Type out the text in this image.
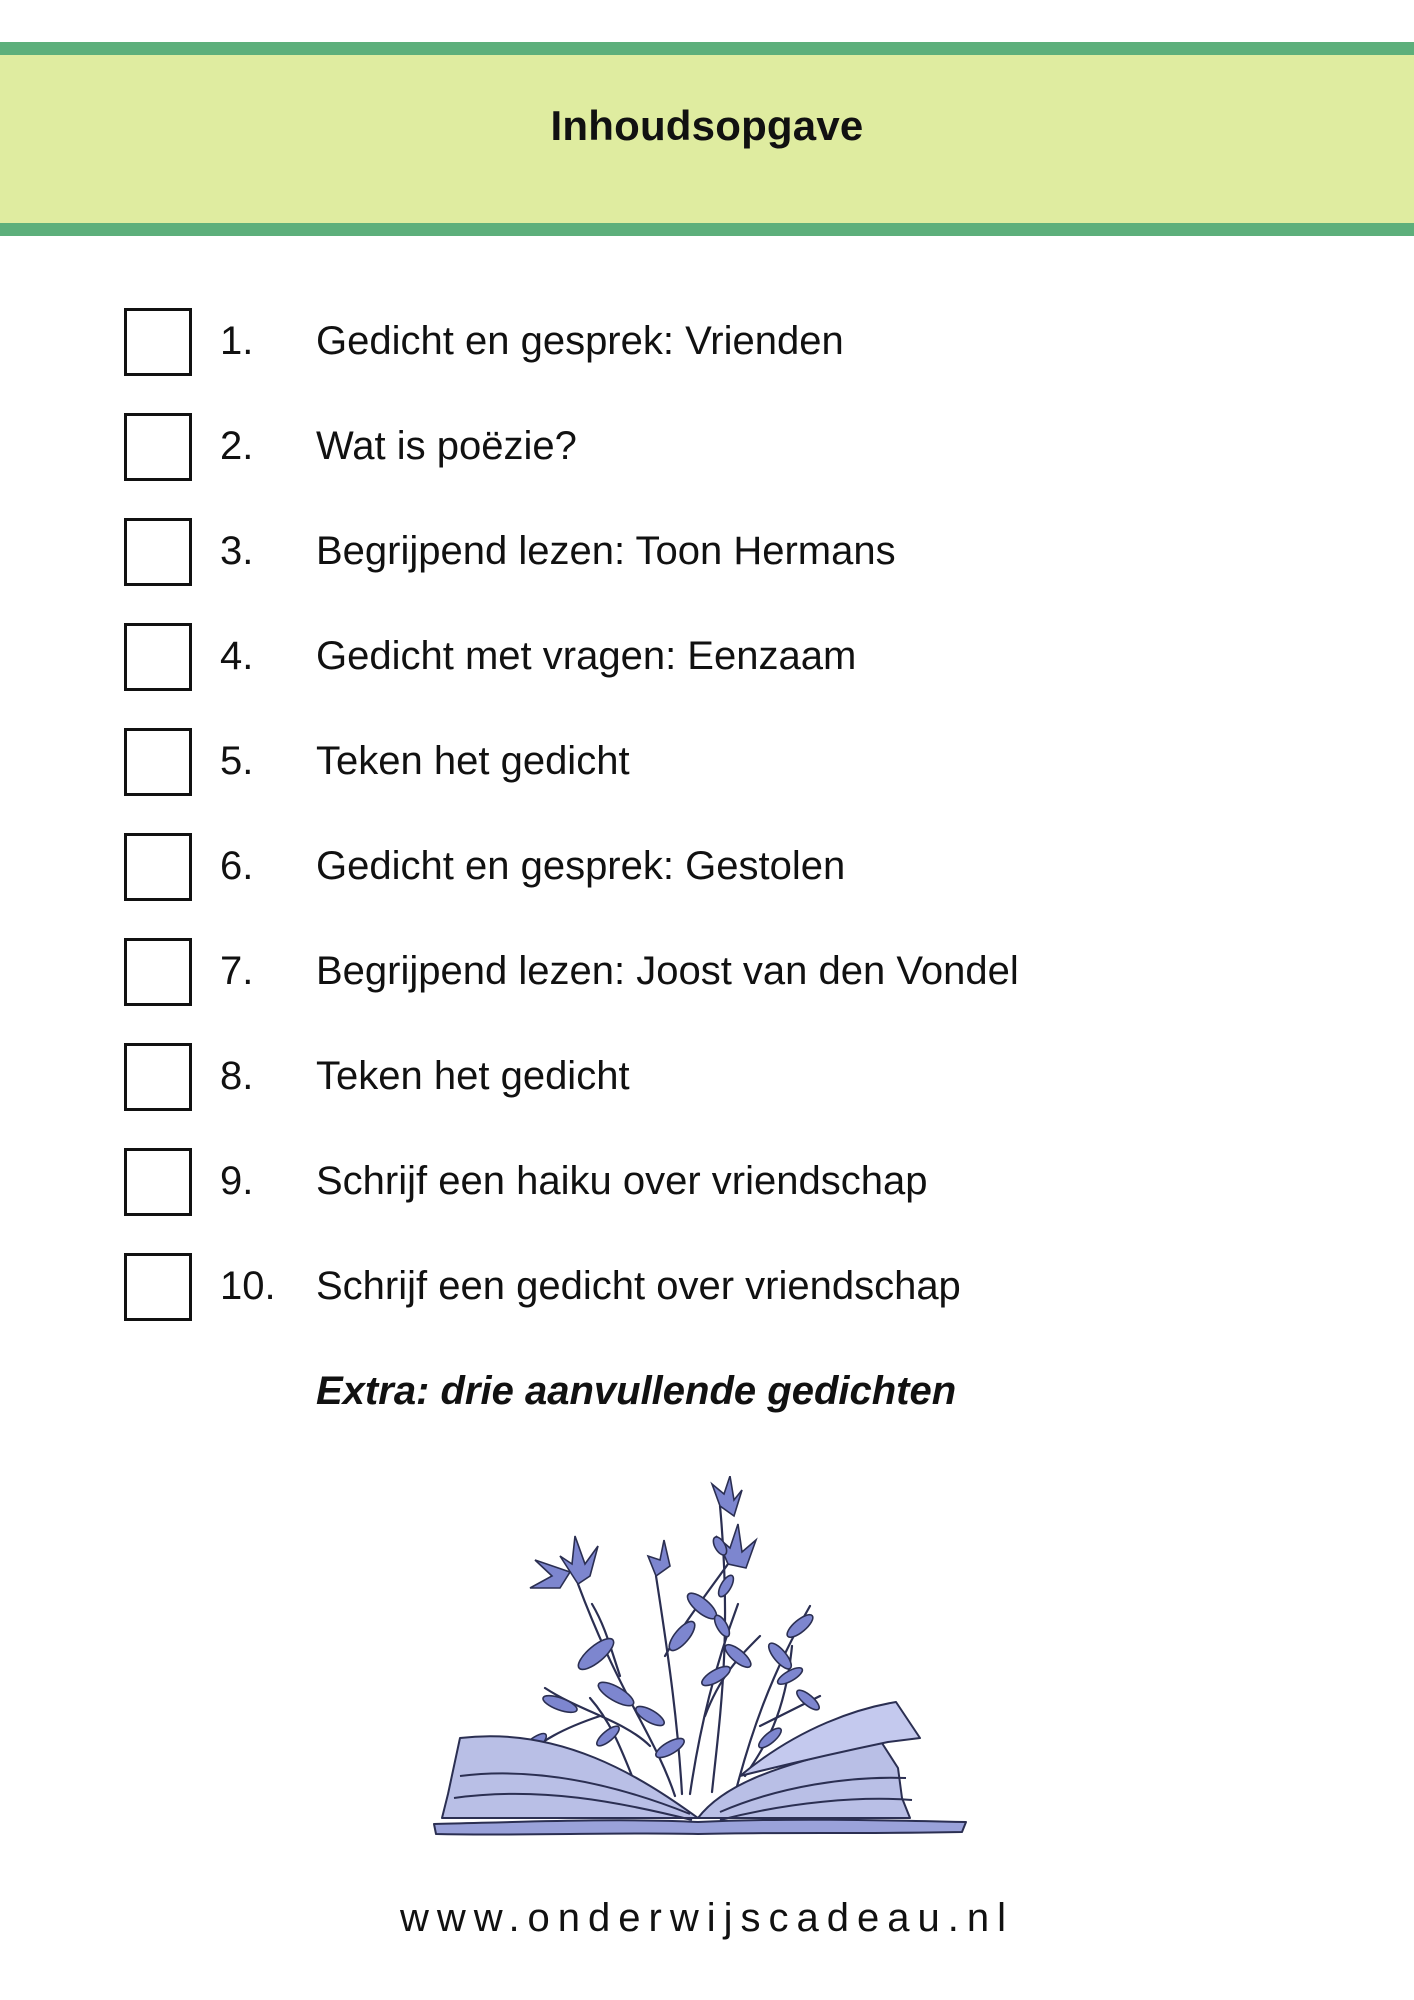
Inhoudsopgave
1. Gedicht en gesprek: Vrienden
2. Wat is poëzie?
3. Begrijpend lezen: Toon Hermans
4. Gedicht met vragen: Eenzaam
5. Teken het gedicht
6. Gedicht en gesprek: Gestolen
7. Begrijpend lezen: Joost van den Vondel
8. Teken het gedicht
9. Schrijf een haiku over vriendschap
10. Schrijf een gedicht over vriendschap
Extra: drie aanvullende gedichten
www.onderwijscadeau.nl
